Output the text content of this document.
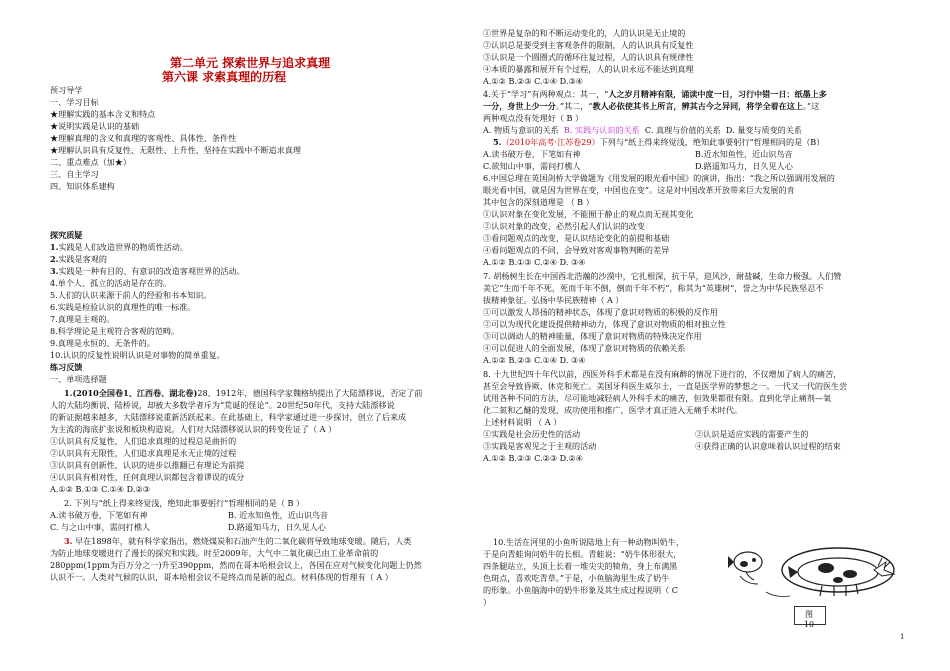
第二单元 探索世界与追求真理
第六课 求索真理的历程
预习导学
一、学习目标
★理解实践的基本含义和特点
★说明实践是认识的基础
★理解真理的含义和真理的客观性、具体性、条件性
★理解认识具有反复性、无限性、上升性，坚持在实践中不断追求真理
二、重点难点（加★）
三、自主学习
四、知识体系建构
探究质疑
1.实践是人们改造世界的物质性活动。
2.实践是客观的
3.实践是一种有目的、有意识的改造客观世界的活动。
4.单个人、孤立的活动是存在的。
5.人们的认识来源于前人的经验和书本知识。
6.实践是检验认识的真理性的唯一标准。
7.真理是主观的。
8.科学理论是主观符合客观的范畴。
9.真理是永恒的、无条件的。
10.认识的反复性说明认识是对事物的简单重复。
练习反馈
一、单项选择题
1.(2010全国卷1、江西卷、湖北卷)28、1912年，德国科学家魏格纳提出了大陆漂移说，否定了前
人的大陆均衡说、陆桥说，却被大多数学者斥为“荒诞的怪论”。20世纪50年代，支持大陆漂移说
的新证据越来越多，大陆漂移说重新活跃起来。在此基础上，科学家通过进一步探讨，创立了后来成
为主流的海底扩张说和板块构造说。人们对大陆漂移说认识的转变佐证了（ A ）
①认识具有反复性，人们追求真理的过程总是曲折的
②认识具有无限性，人们追求真理是永无止境的过程
③认识具有创新性，认识的进步以推翻已有理论为前提
④认识具有相对性，任何真理认识都包含着谬误的成分
A.①② B.①③ C.①④ D.②③
2. 下列与“纸上得来终觉浅，绝知此事要躬行”哲理相同的是（ B ）
A.读书破万卷，下笔如有神	B. 近水知鱼性，近山识鸟音
C. 与之山中事，需问打樵人	D.路遥知马力，日久见人心
3. 早在1898年，就有科学家指出，燃烧煤炭和石油产生的二氧化碳将导致地球变暖。随后，人类
为防止地球变暖进行了漫长的探究和实践。时至2009年，大气中二氧化碳已由工业革命前的
280ppm(1ppm为百万分之一)升至390ppm，然而在哥本哈根会议上，各国在应对气候变化问题上仍然
认识不一。人类对气候的认识，哥本哈根会议不是终点而是新的起点。材料体现的哲理有（ A ）
①世界是复杂的和不断运动变化的，人的认识是无止境的
②认识总是要受到主客观条件的限制，人的认识具有反复性
③认识是一个圆圈式的循环往复过程，人的认识具有规律性
④本质的暴露和展开有个过程，人的认识永远不能达到真理
A.①② B.②③ C.①④ D.③④
4.关于“学习”有两种观点：其一，“人之岁月精神有限，诵读中度一日，习行中错一日：纸墨上多
一分，身世上少一分。”其二，“教人必依使其书上所言，辨其古今之异同，将学全着在这上。”这
两种观点没有处理好（ B ）
A. 物质与意识的关系 B. 实践与认识的关系 C. 真理与价值的关系 D. 量变与质变的关系
5.（2010年高考·江苏卷29）下列与“纸上得来终觉浅，绝知此事要躬行”哲理相同的是（B）
A.读书破万卷，下笔如有神	B.近水知鱼性，近山识鸟音
C.欲知山中事，需问打樵人	D.路遥知马力，日久见人心
6.中国总理在英国剑桥大学做题为《用发展的眼光看中国》的演讲，指出：“我之所以强调用发展的
眼光看中国，就是因为世界在变，中国也在变”。这是对中国改革开放带来巨大发展的肯
其中包含的深刻道理是 （ B ）
①认识对象在变化发展，不能囿于静止的观点而无视其变化
②认识对象的改变，必然引起人们认识的改变
③看问题观点的改变，是认识结论变化的前提和基础
④看问题观点的不同，会导致对客观事物判断的差异
A.①② B.①③ C.②④ D. ③④
7. 胡杨树生长在中国西北浩瀚的沙漠中，它扎根深，抗干旱，迎风沙，耐盐碱，生命力极强。人们赞
美它“生而千年不死，死而千年不倒，倒而千年不朽”，称其为“英雄树”，誉之为中华民族坚忍不
拔精神象征。弘扬中华民族精神（ A ）
①可以激发人昂扬的精神状态，体现了意识对物质的积极的反作用
②可以为现代化建设提供精神动力，体现了意识对物质的相对独立性
③可以调动人的精神能量，体现了意识对物质的特殊决定作用
④可以促进人的全面发展，体现了意识对物质的依赖关系
A.①② B.②③ C.①④ D. ③④
8. 十九世纪四十年代以前，西医外科手术都是在没有麻醉的情况下进行的，不仅增加了病人的痛苦，
甚至会导致昏厥、休克和死亡。美国牙科医生威尔士，一直是医学界的梦想之一。一代又一代的医生尝
试用各种不同的方法，尽可能地减轻病人外科手术的痛苦，但效果都很有限。直到化学止痛剂—氧
化二氮和乙醚的发现，成功使用和推广，医学才真正进入无痛手术时代。
上述材料说明 （ A ）
①实践是社会历史性的活动	②认识是适应实践的需要产生的
③实践是客观见之于主观的活动	④获得正确的认识意味着认识过程的结束
A.①② B.②③ C.②③ D.②④
10.生活在河里的小鱼听说陆地上有一种动物叫奶牛，
于是向青蛙询问奶牛的长相。青蛙说：“奶牛体形很大，
四条腿站立，头顶上长着一堆尖尖的犄角，身上布满黑
色斑点，喜欢吃青草。”于是，小鱼脑海里生成了奶牛
的形象。小鱼脑海中的奶牛形象及其生成过程说明（ C
）
图
10
1
